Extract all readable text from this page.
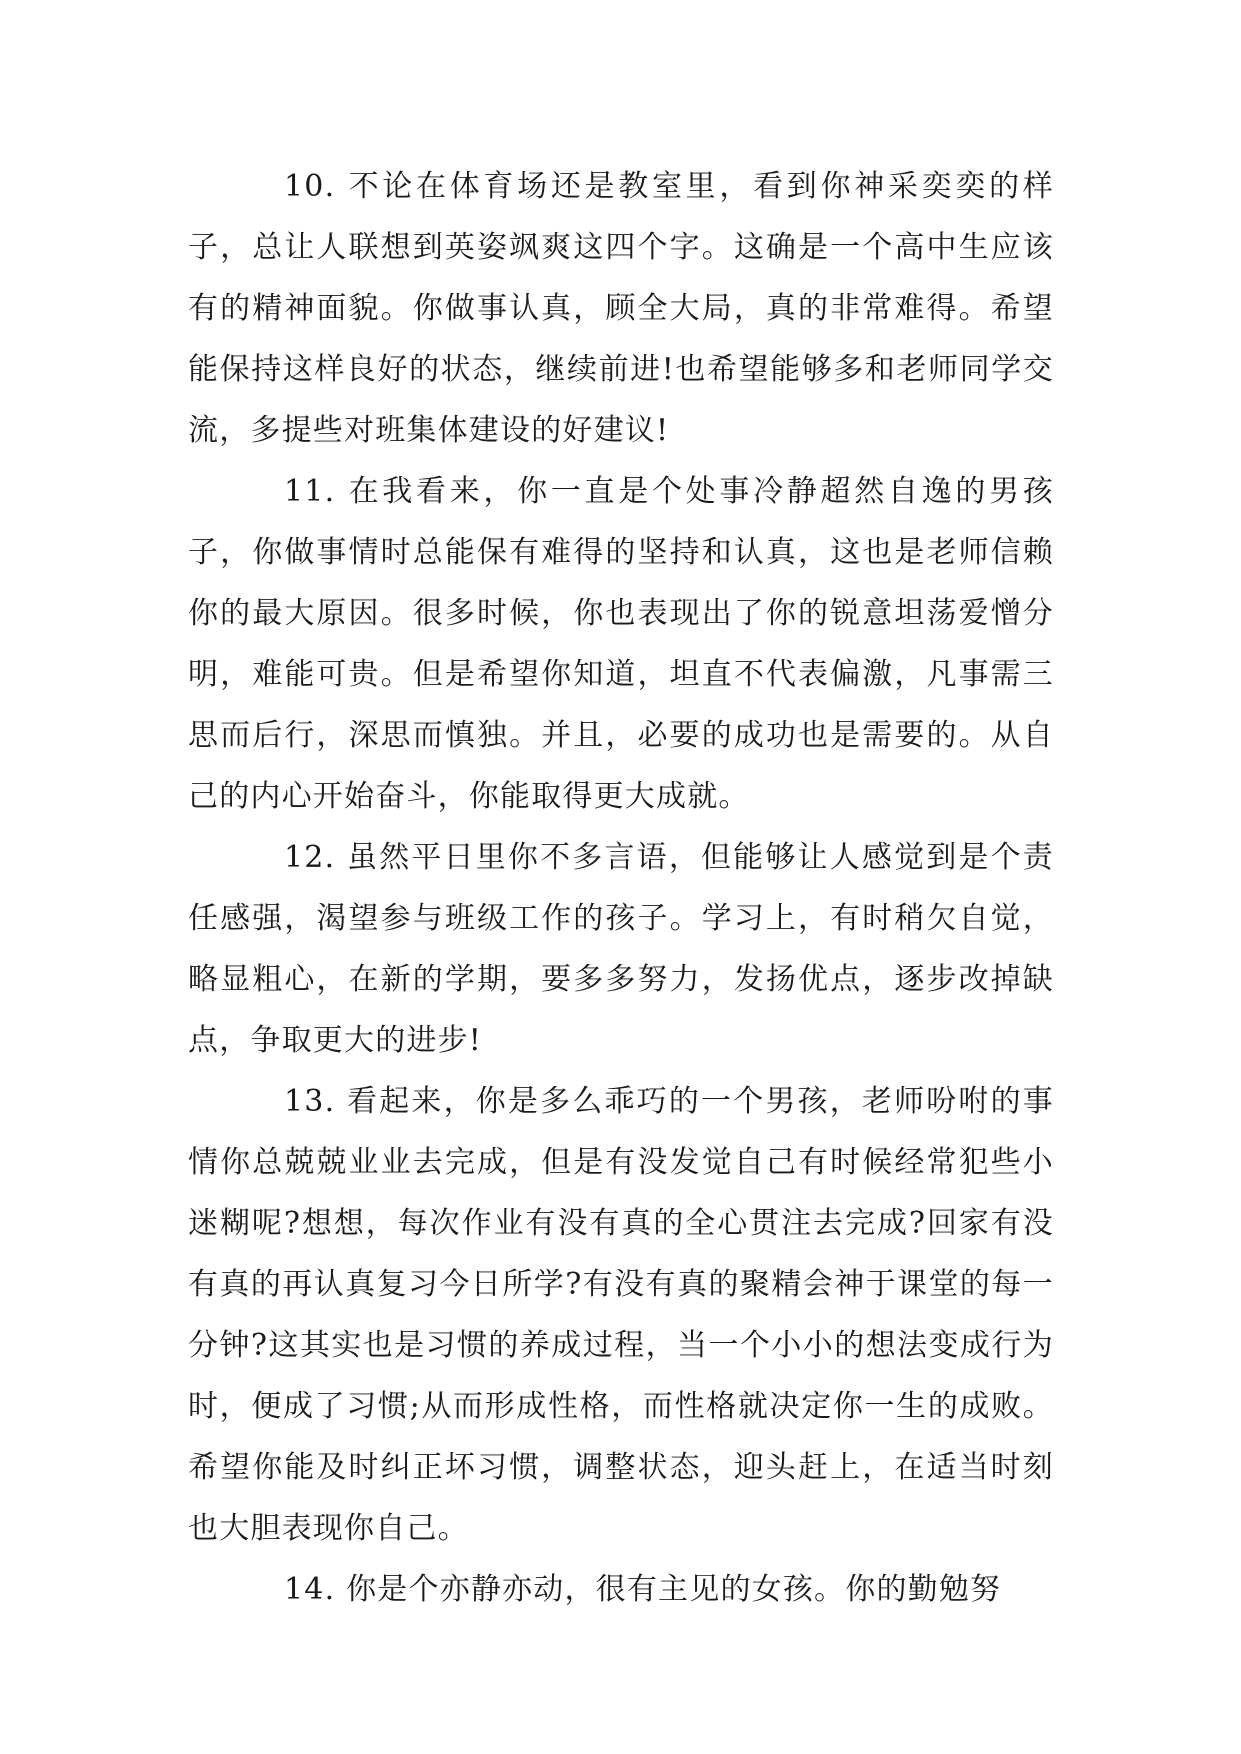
10. 不论在体育场还是教室里，看到你神采奕奕的样子，总让人联想到英姿飒爽这四个字。这确是一个高中生应该有的精神面貌。你做事认真，顾全大局，真的非常难得。希望能保持这样良好的状态，继续前进!也希望能够多和老师同学交流，多提些对班集体建设的好建议!

11. 在我看来，你一直是个处事冷静超然自逸的男孩子，你做事情时总能保有难得的坚持和认真，这也是老师信赖你的最大原因。很多时候，你也表现出了你的锐意坦荡爱憎分明，难能可贵。但是希望你知道，坦直不代表偏激，凡事需三思而后行，深思而慎独。并且，必要的成功也是需要的。从自己的内心开始奋斗，你能取得更大成就。

12. 虽然平日里你不多言语，但能够让人感觉到是个责任感强，渴望参与班级工作的孩子。学习上，有时稍欠自觉，略显粗心，在新的学期，要多多努力，发扬优点，逐步改掉缺点，争取更大的进步!

13. 看起来，你是多么乖巧的一个男孩，老师吩咐的事情你总兢兢业业去完成，但是有没发觉自己有时候经常犯些小迷糊呢?想想，每次作业有没有真的全心贯注去完成?回家有没有真的再认真复习今日所学?有没有真的聚精会神于课堂的每一分钟?这其实也是习惯的养成过程，当一个小小的想法变成行为时，便成了习惯;从而形成性格，而性格就决定你一生的成败。希望你能及时纠正坏习惯，调整状态，迎头赶上，在适当时刻也大胆表现你自己。

14. 你是个亦静亦动，很有主见的女孩。你的勤勉努
